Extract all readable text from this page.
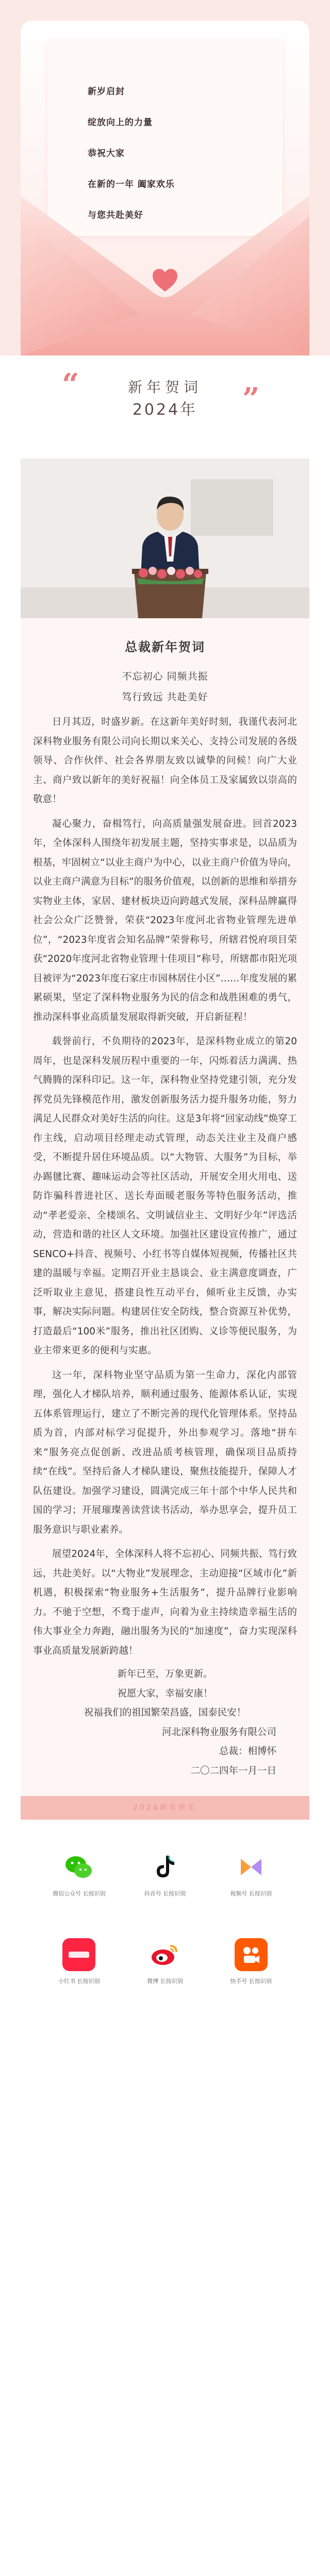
新岁启封
绽放向上的力量
恭祝大家
在新的一年 阖家欢乐
与您共赴美好
“	新年贺词
2024年	”
总裁新年贺词
不忘初心 同频共振
笃行致远 共赴美好

日月其迈，时盛岁新。在这新年美好时刻，我谨代表河北深科物业服务有限公司向长期以来关心、支持公司发展的各级领导、合作伙伴、社会各界朋友致以诚挚的问候！向广大业主、商户致以新年的美好祝福！向全体员工及家属致以崇高的敬意！

凝心聚力，奋楫笃行，向高质量强发展奋进。回首2023年，全体深科人围绕年初发展主题，坚持实事求是，以品质为根基，牢固树立“以业主商户为中心，以业主商户价值为导向，以业主商户满意为目标”的服务价值观，以创新的思维和举措夯实物业主体，家居、建材板块迈向跨越式发展，深科品牌赢得社会公众广泛赞誉，荣获“2023年度河北省物业管理先进单位”，“2023年度省会知名品牌”荣誉称号，所辖君悦府项目荣获“2020年度河北省物业管理十佳项目”称号，所辖都市阳光项目被评为“2023年度石家庄市园林居住小区”……年度发展的累累硕果，坚定了深科物业服务为民的信念和战胜困难的勇气，推动深科事业高质量发展取得新突破，开启新征程！

载誉前行，不负期待的2023年，是深科物业成立的第20周年，也是深科发展历程中重要的一年，闪烁着活力满满、热气腾腾的深科印记。这一年，深科物业坚持党建引领，充分发挥党员先锋模范作用，激发创新服务活力提升服务功能，努力满足人民群众对美好生活的向往。这是3年将“回家动线”焕穿工作主线，启动项目经理走动式管理，动态关注业主及商户感受，不断提升居住环境品质。以“大物管、大服务”为目标，举办踢毽比赛、趣味运动会等社区活动，开展安全用火用电、送防诈骗科普进社区、送长寿面暖老服务等特色服务活动，推动“孝老爱亲、全楼颂名、文明诚信业主、文明好少年”评选活动，营造和谐的社区人文环境。加强社区建设宣传推广，通过SENCO+抖音、视频号、小红书等自媒体短视频，传播社区共建的温暖与幸福。定期召开业主恳谈会、业主满意度调查，广泛听取业主意见，搭建良性互动平台，倾听业主反馈，办实事，解决实际问题。构建居住安全防线，整合资源互补优势，打造最后“100米”服务，推出社区团购、义诊等便民服务，为业主带来更多的便利与实惠。

这一年，深科物业坚守品质为第一生命力，深化内部管理，强化人才梯队培养，顺利通过服务、能源体系认证，实现五体系管理运行，建立了不断完善的现代化管理体系。坚持品质为首，内部对标学习促提升，外出参观学习。落地“拼车来”服务亮点促创新、改进品质考核管理，确保项目品质持续“在线”。坚持后备人才梯队建设，聚焦技能提升，保障人才队伍建设。加强学习建设，圆满完成三年十部个中华人民共和国的学习；开展璀璨善读营读书活动，举办思享会，提升员工服务意识与职业素养。

展望2024年，全体深科人将不忘初心、同频共振、笃行致远，共赴美好。以“大物业”发展理念，主动迎接“区域市化”新机遇，积极探索“物业服务+生活服务”，提升品牌行业影响力。不驰于空想，不骛于虚声，向着为业主持续造幸福生活的伟大事业全力奔跑，融出服务为民的“加速度”，奋力实现深科事业高质量发展新跨越！

新年已至，万象更新。
祝愿大家，幸福安康！
祝福我们的祖国繁荣昌盛，国泰民安！
河北深科物业服务有限公司
总裁：相博怀
二〇二四年一月一日
2024新年快乐
微信公众号 长按识别	抖音号 长按识别	视频号 长按识别
小红书 长按识别	微博 长按识别	快手号 长按识别
